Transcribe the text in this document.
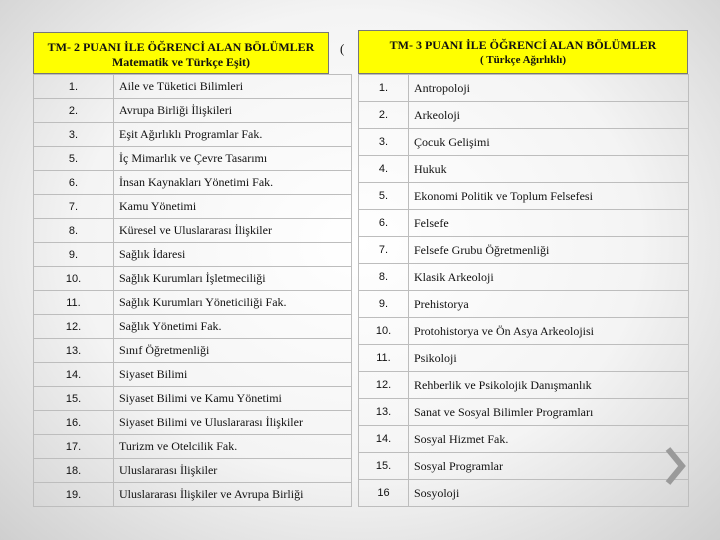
TM- 2 PUANI İLE ÖĞRENCİ ALAN BÖLÜMLER
Matematik ve Türkçe Eşit)
(	TM- 3 PUANI İLE ÖĞRENCİ ALAN BÖLÜMLER
( Türkçe Ağırlıklı)
1.	Aile ve Tüketici Bilimleri
2.	Avrupa Birliği İlişkileri
3.	Eşit Ağırlıklı Programlar Fak.
5.	İç Mimarlık ve Çevre Tasarımı
6.	İnsan Kaynakları Yönetimi Fak.
7.	Kamu Yönetimi
8.	Küresel ve Uluslararası İlişkiler
9.	Sağlık İdaresi
10.	Sağlık Kurumları İşletmeciliği
11.	Sağlık Kurumları Yöneticiliği Fak.
12.	Sağlık Yönetimi Fak.
13.	Sınıf Öğretmenliği
14.	Siyaset Bilimi
15.	Siyaset Bilimi ve Kamu Yönetimi
16.	Siyaset Bilimi ve Uluslararası İlişkiler
17.	Turizm ve Otelcilik Fak.
18.	Uluslararası İlişkiler
19.	Uluslararası İlişkiler ve Avrupa Birliği
1.	Antropoloji
2.	Arkeoloji
3.	Çocuk Gelişimi
4.	Hukuk
5.	Ekonomi Politik ve Toplum Felsefesi
6.	Felsefe
7.	Felsefe Grubu Öğretmenliği
8.	Klasik Arkeoloji
9.	Prehistorya
10.	Protohistorya ve Ön Asya Arkeolojisi
11.	Psikoloji
12.	Rehberlik ve Psikolojik Danışmanlık
13.	Sanat ve Sosyal Bilimler Programları
14.	Sosyal Hizmet Fak.
15.	Sosyal Programlar
16	Sosyoloji
